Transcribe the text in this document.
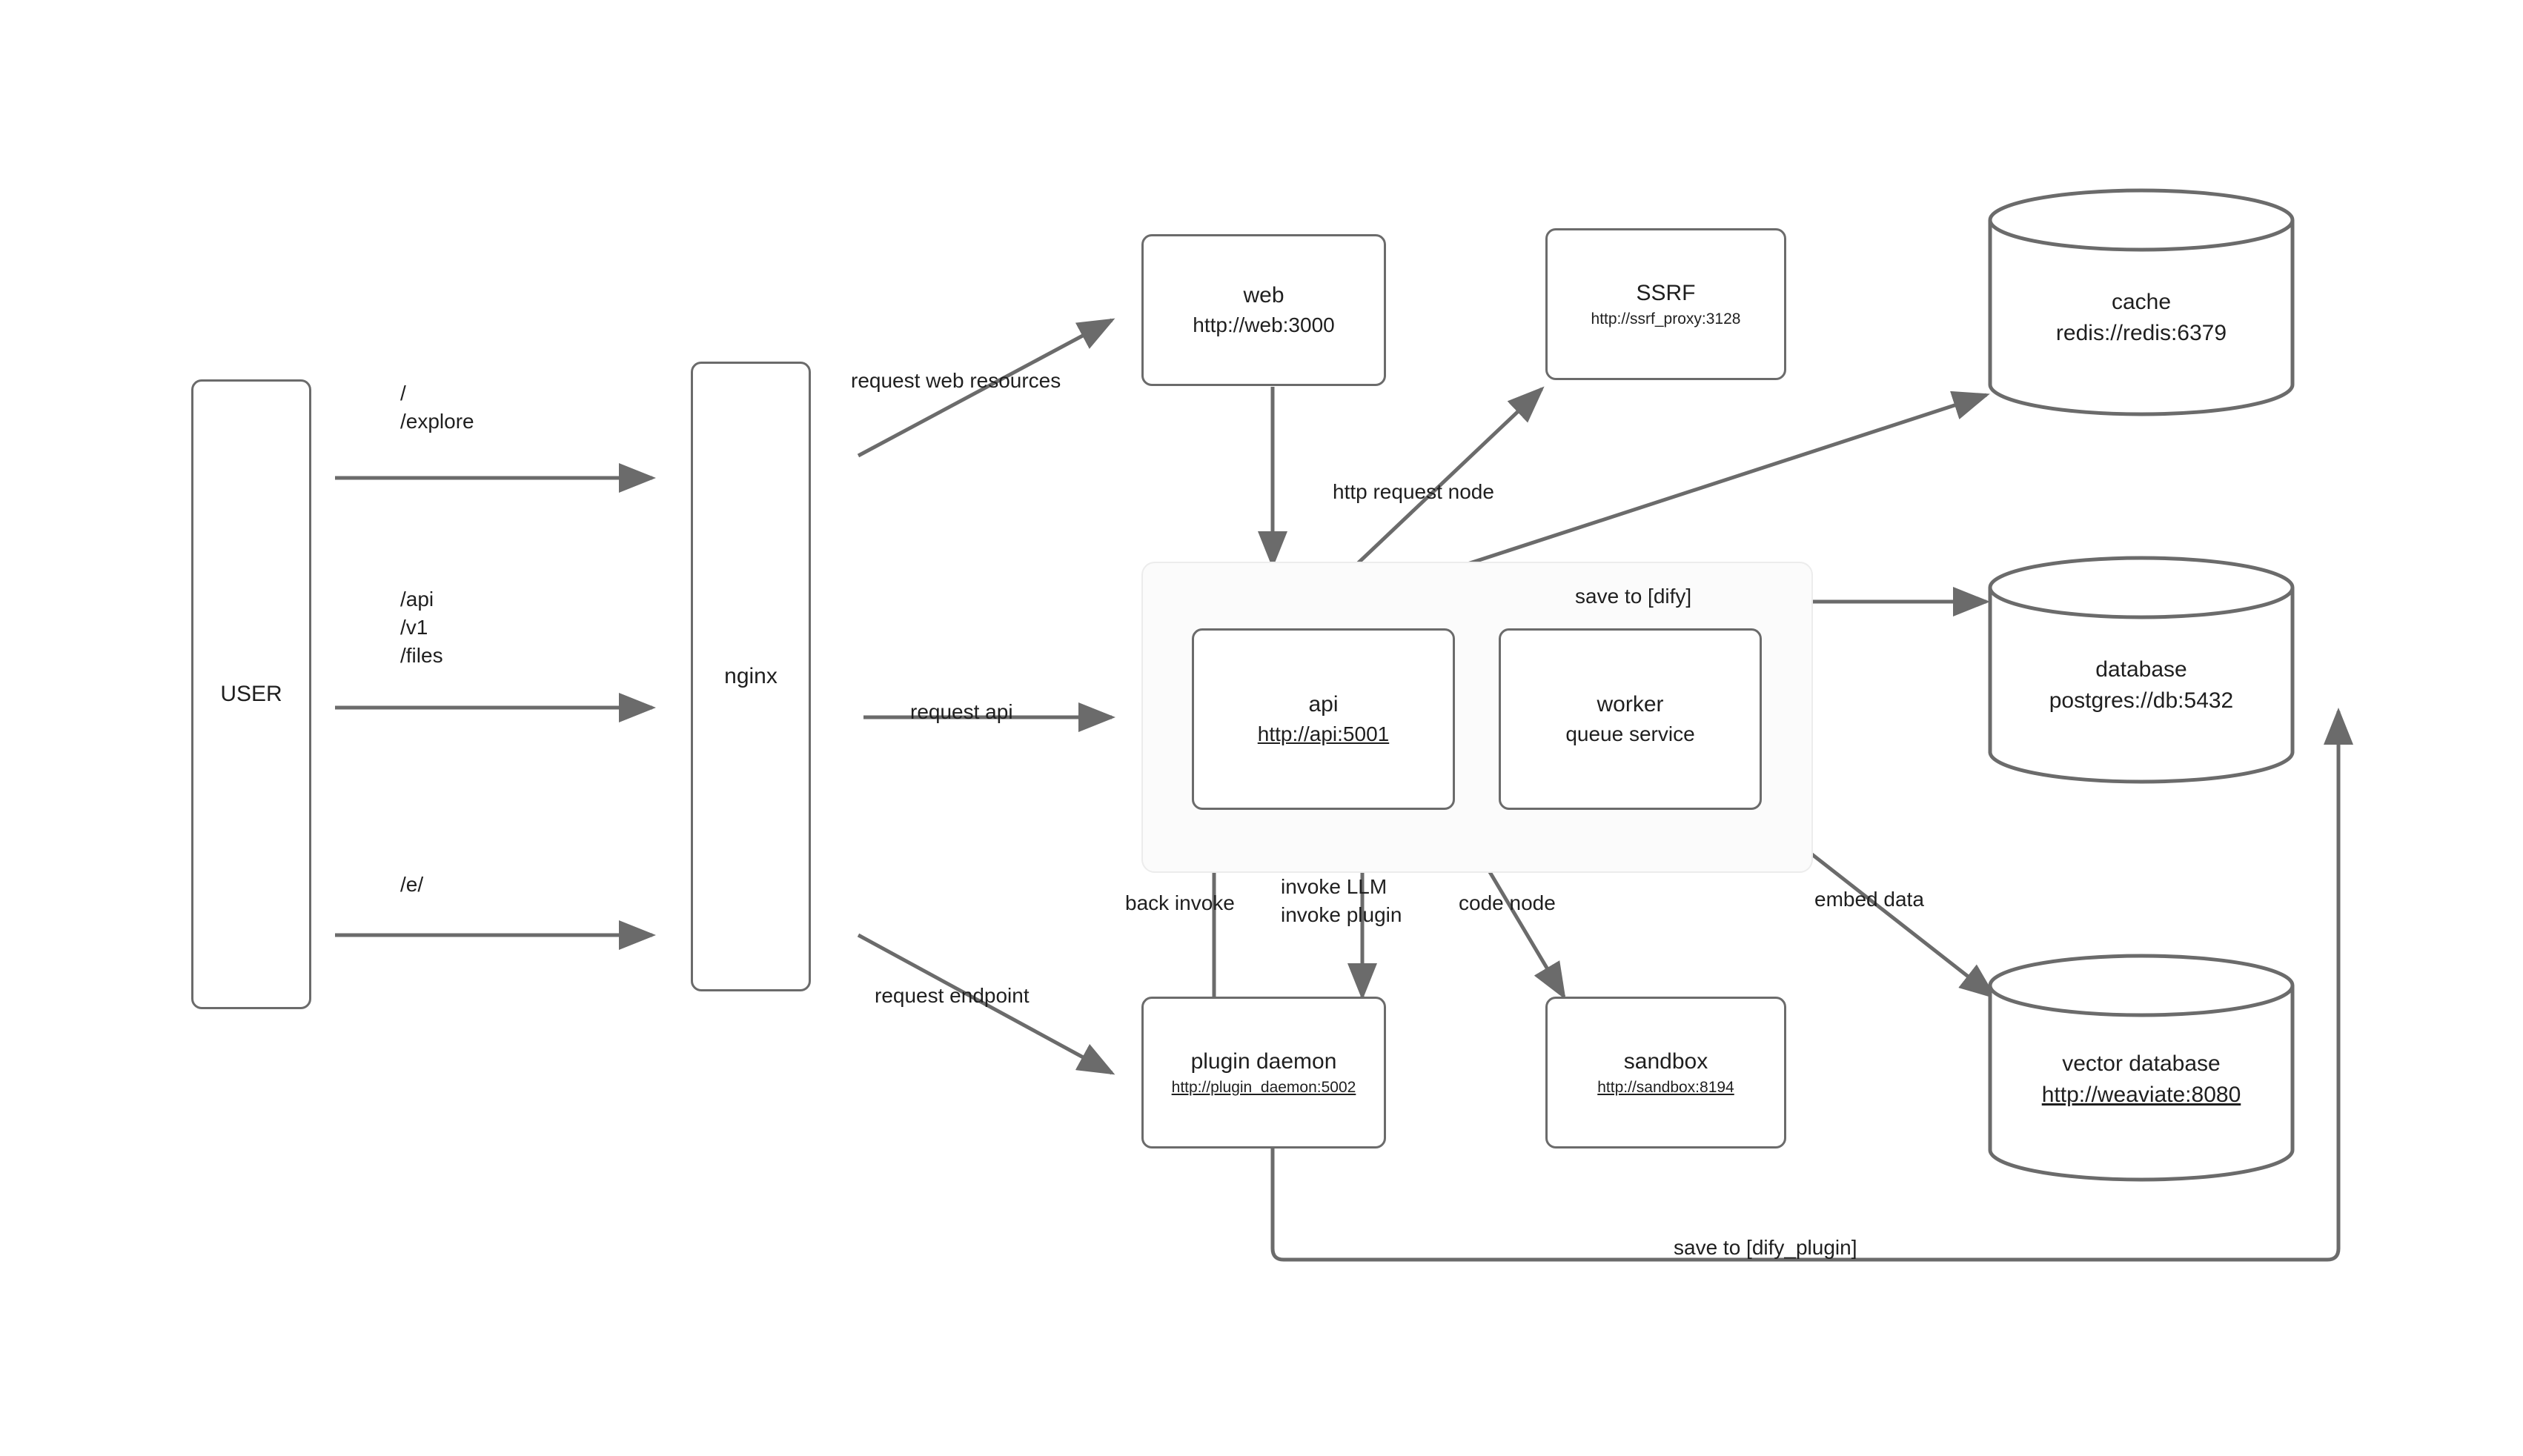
USER
nginx
web
http://web:3000
SSRF
http://ssrf_proxy:3128
api
http://api:5001
worker
queue service
plugin daemon
http://plugin_daemon:5002
sandbox
http://sandbox:8194
cache
redis://redis:6379
database
postgres://db:5432
vector database
http://weaviate:8080
/
/explore
/api
/v1
/files
/e/
request web resources
request api
request endpoint
http request node
save to [dify]
back invoke
invoke LLM
invoke plugin
code node	embed data
save to [dify_plugin]
